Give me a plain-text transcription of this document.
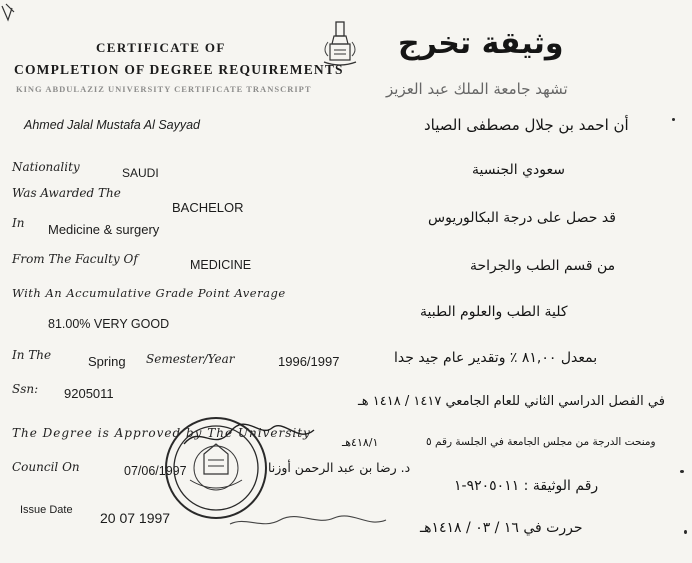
CERTIFICATE OF
COMPLETION OF DEGREE REQUIREMENTS
KING ABDULAZIZ UNIVERSITY CERTIFICATE TRANSCRIPT
وثيقة تخرج
تشهد جامعة الملك عبد العزيز
Ahmed Jalal Mustafa Al Sayyad	أن احمد بن جلال مصطفى الصياد
Nationality	SAUDI	سعودي الجنسية
Was Awarded The
BACHELOR
قد حصل على درجة البكالوريوس
In Medicine & surgery
من قسم الطب والجراحة
From The Faculty Of	MEDICINE
كلية الطب والعلوم الطبية
With An Accumulative Grade Point Average
81.00% VERY GOOD
بمعدل ٨١,٠٠ ٪ وتقدير عام جيد جدا
In The	Spring Semester/Year	1996/1997
في الفصل الدراسي الثاني للعام الجامعي ١٤١٧ / ١٤١٨ هـ
Ssn: 9205011
The Degree is Approved by The University
ومنحت الدرجة من مجلس الجامعة في الجلسة رقم ٥
Council On	07/06/1997	د. رضا بن عبد الرحمن أوزنا
٤١٨/١هـ
Issue Date 20 07 1997
رقم الوثيقة : ٩٢٠٥٠١١-١
حررت في ١٦ / ٠٣ / ١٤١٨هـ
